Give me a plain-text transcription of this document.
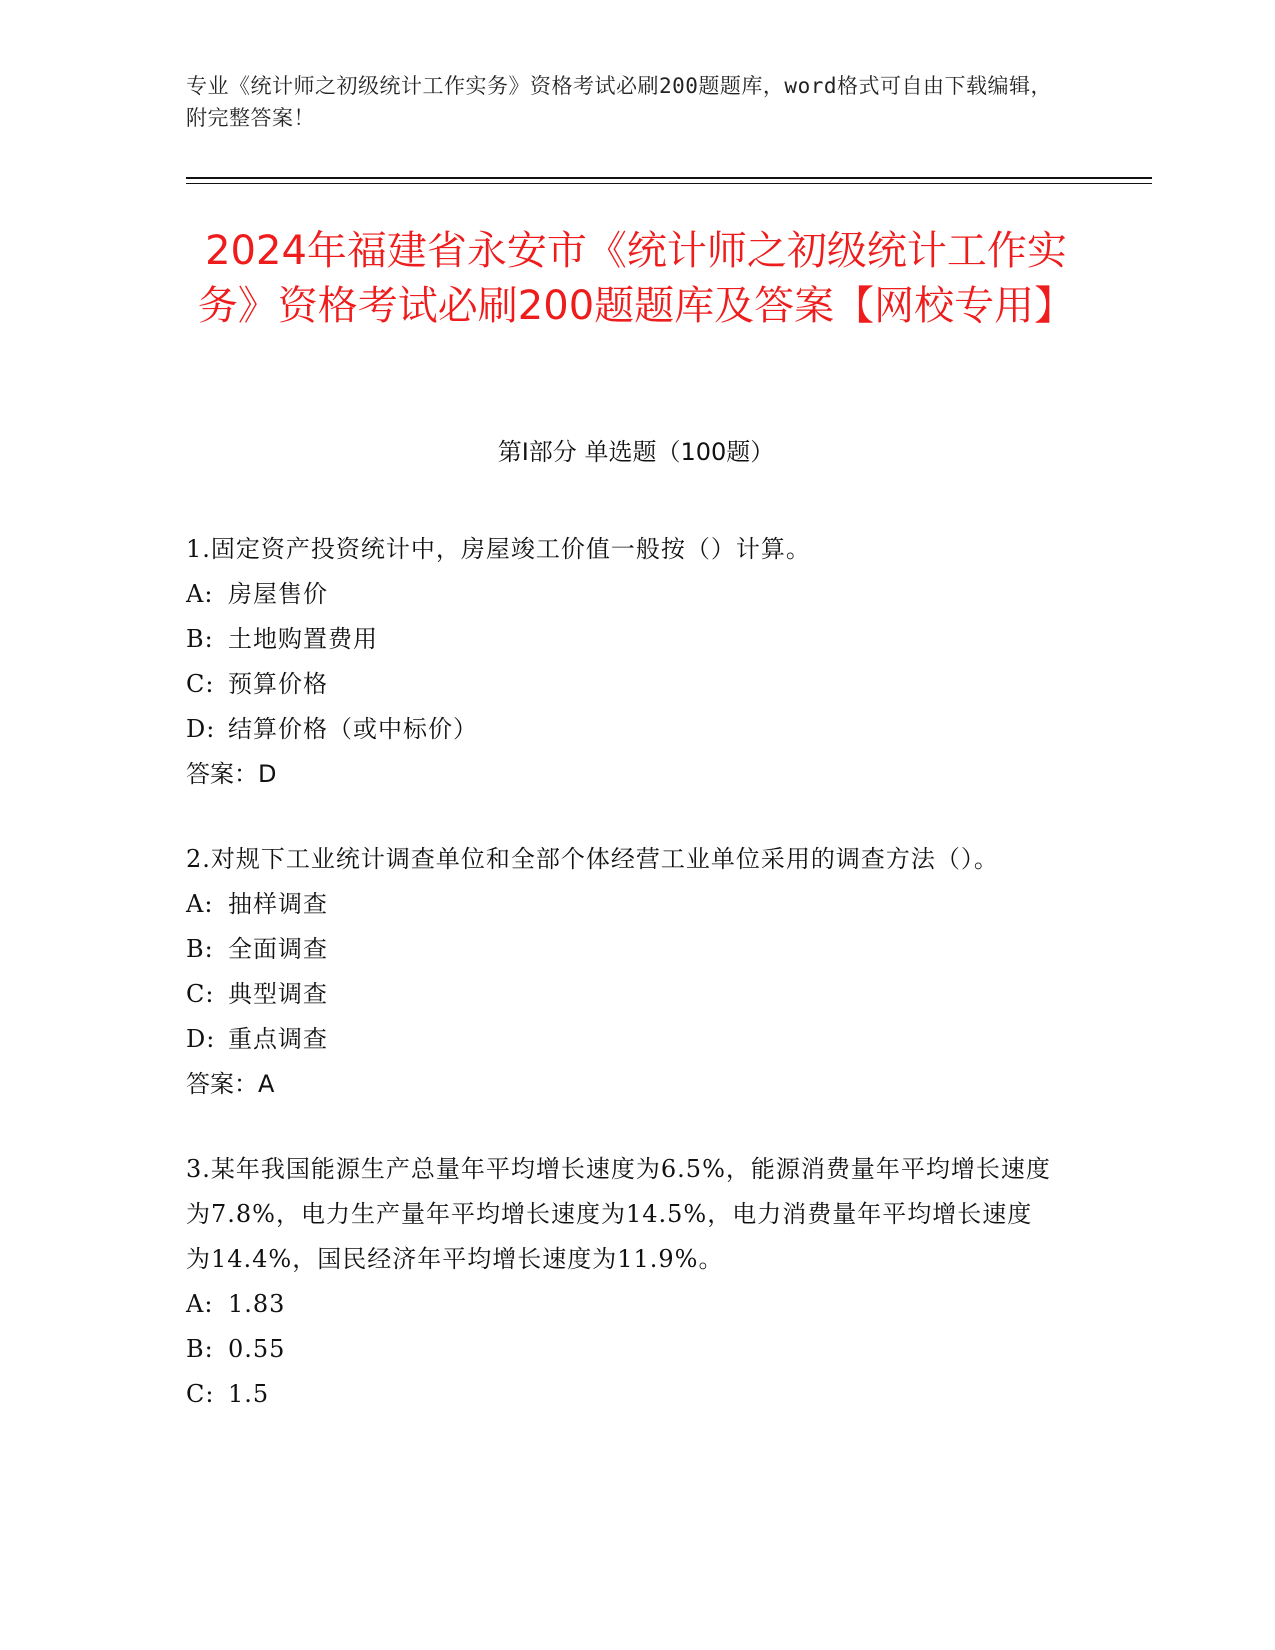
专业《统计师之初级统计工作实务》资格考试必刷200题题库，word格式可自由下载编辑，附完整答案！
2024年福建省永安市《统计师之初级统计工作实务》资格考试必刷200题题库及答案【网校专用】
第I部分 单选题（100题）
1.固定资产投资统计中，房屋竣工价值一般按（）计算。
A: 房屋售价
B: 土地购置费用
C: 预算价格
D: 结算价格（或中标价）
答案：D
2.对规下工业统计调查单位和全部个体经营工业单位采用的调查方法（）。
A: 抽样调查
B: 全面调查
C: 典型调查
D: 重点调查
答案：A
3.某年我国能源生产总量年平均增长速度为6.5%，能源消费量年平均增长速度为7.8%，电力生产量年平均增长速度为14.5%，电力消费量年平均增长速度为14.4%，国民经济年平均增长速度为11.9%。
A: 1.83
B: 0.55
C: 1.5
